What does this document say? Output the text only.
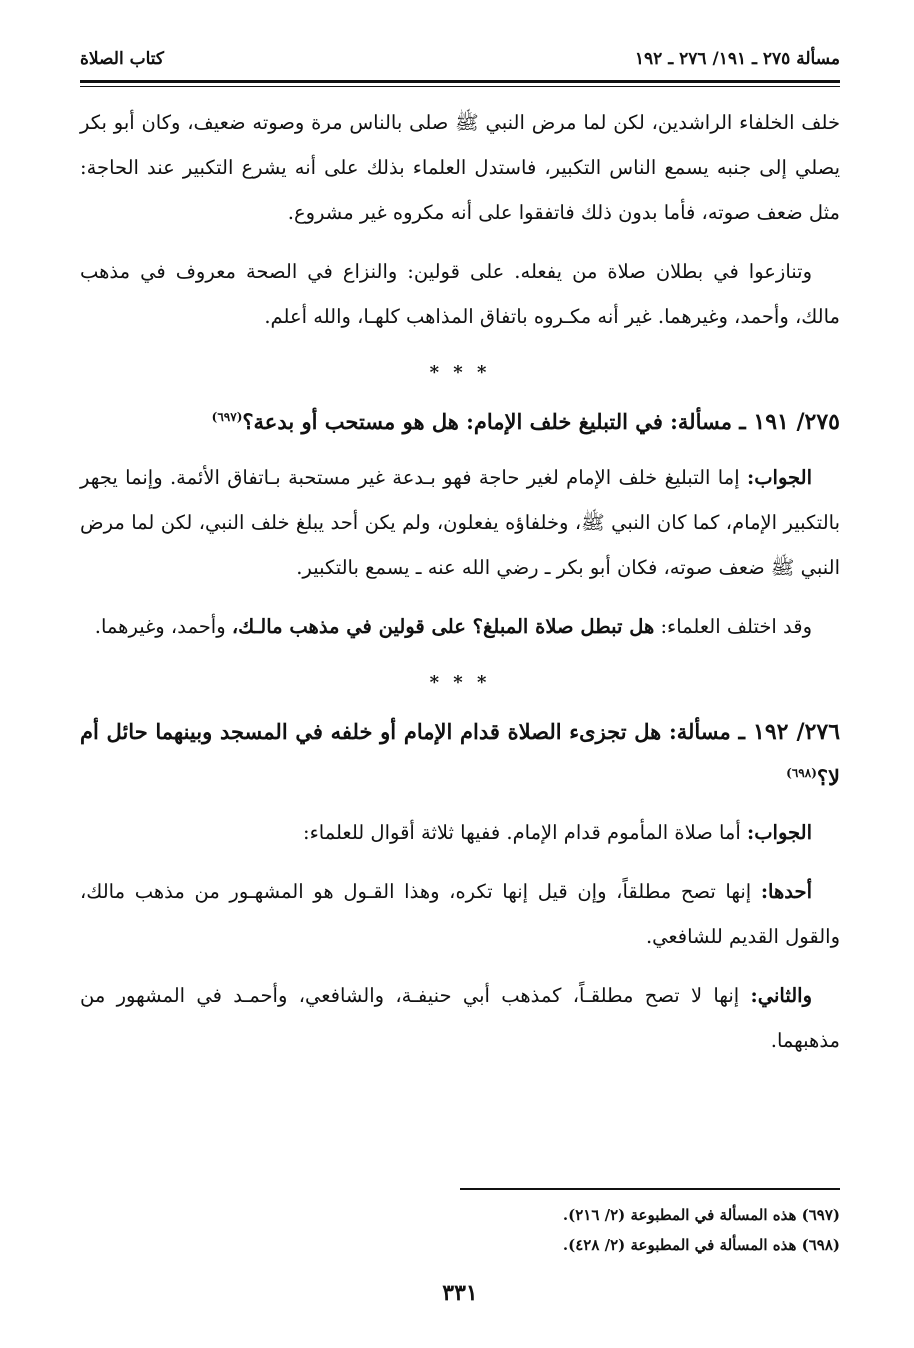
مسألة ٢٧٥ ـ ١٩١/ ٢٧٦ ـ ١٩٢
كتاب الصلاة

خلف الخلفاء الراشدين، لكن لما مرض النبي ﷺ صلى بالناس مرة وصوته ضعيف، وكان أبو بكر يصلي إلى جنبه يسمع الناس التكبير، فاستدل العلماء بذلك على أنه يشرع التكبير عند الحاجة: مثل ضعف صوته، فأما بدون ذلك فاتفقوا على أنه مكروه غير مشروع.

وتنازعوا في بطلان صلاة من يفعله. على قولين: والنزاع في الصحة معروف في مذهب مالك، وأحمد، وغيرهما. غير أنه مكـروه باتفاق المذاهب كلهـا، والله أعلم.

* * *

٢٧٥/ ١٩١ ـ مسألة: في التبليغ خلف الإمام: هل هو مستحب أو بدعة؟$^{(٦٩٧)}$

الجواب: إما التبليغ خلف الإمام لغير حاجة فهو بـدعة غير مستحبة بـاتفاق الأئمة. وإنما يجهر بالتكبير الإمام، كما كان النبي ﷺ، وخلفاؤه يفعلون، ولم يكن أحد يبلغ خلف النبي، لكن لما مرض النبي ﷺ ضعف صوته، فكان أبو بكر ـ رضي الله عنه ـ يسمع بالتكبير.

وقد اختلف العلماء: هل تبطل صلاة المبلغ؟ على قولين في مذهب مالـك، وأحمد، وغيرهما.

* * *

٢٧٦/ ١٩٢ ـ مسألة: هل تجزىء الصلاة قدام الإمام أو خلفه في المسجد وبينهما حائل أم لا؟$^{(٦٩٨)}$

الجواب: أما صلاة المأموم قدام الإمام. ففيها ثلاثة أقوال للعلماء:

أحدها: إنها تصح مطلقاً، وإن قيل إنها تكره، وهذا القـول هو المشهـور من مذهب مالك، والقول القديم للشافعي.

والثاني: إنها لا تصح مطلقـاً، كمذهب أبي حنيفـة، والشافعي، وأحمـد في المشهور من مذهبهما.

(٦٩٧) هذه المسألة في المطبوعة (٢/ ٢١٦).
(٦٩٨) هذه المسألة في المطبوعة (٢/ ٤٢٨).
٣٣١
